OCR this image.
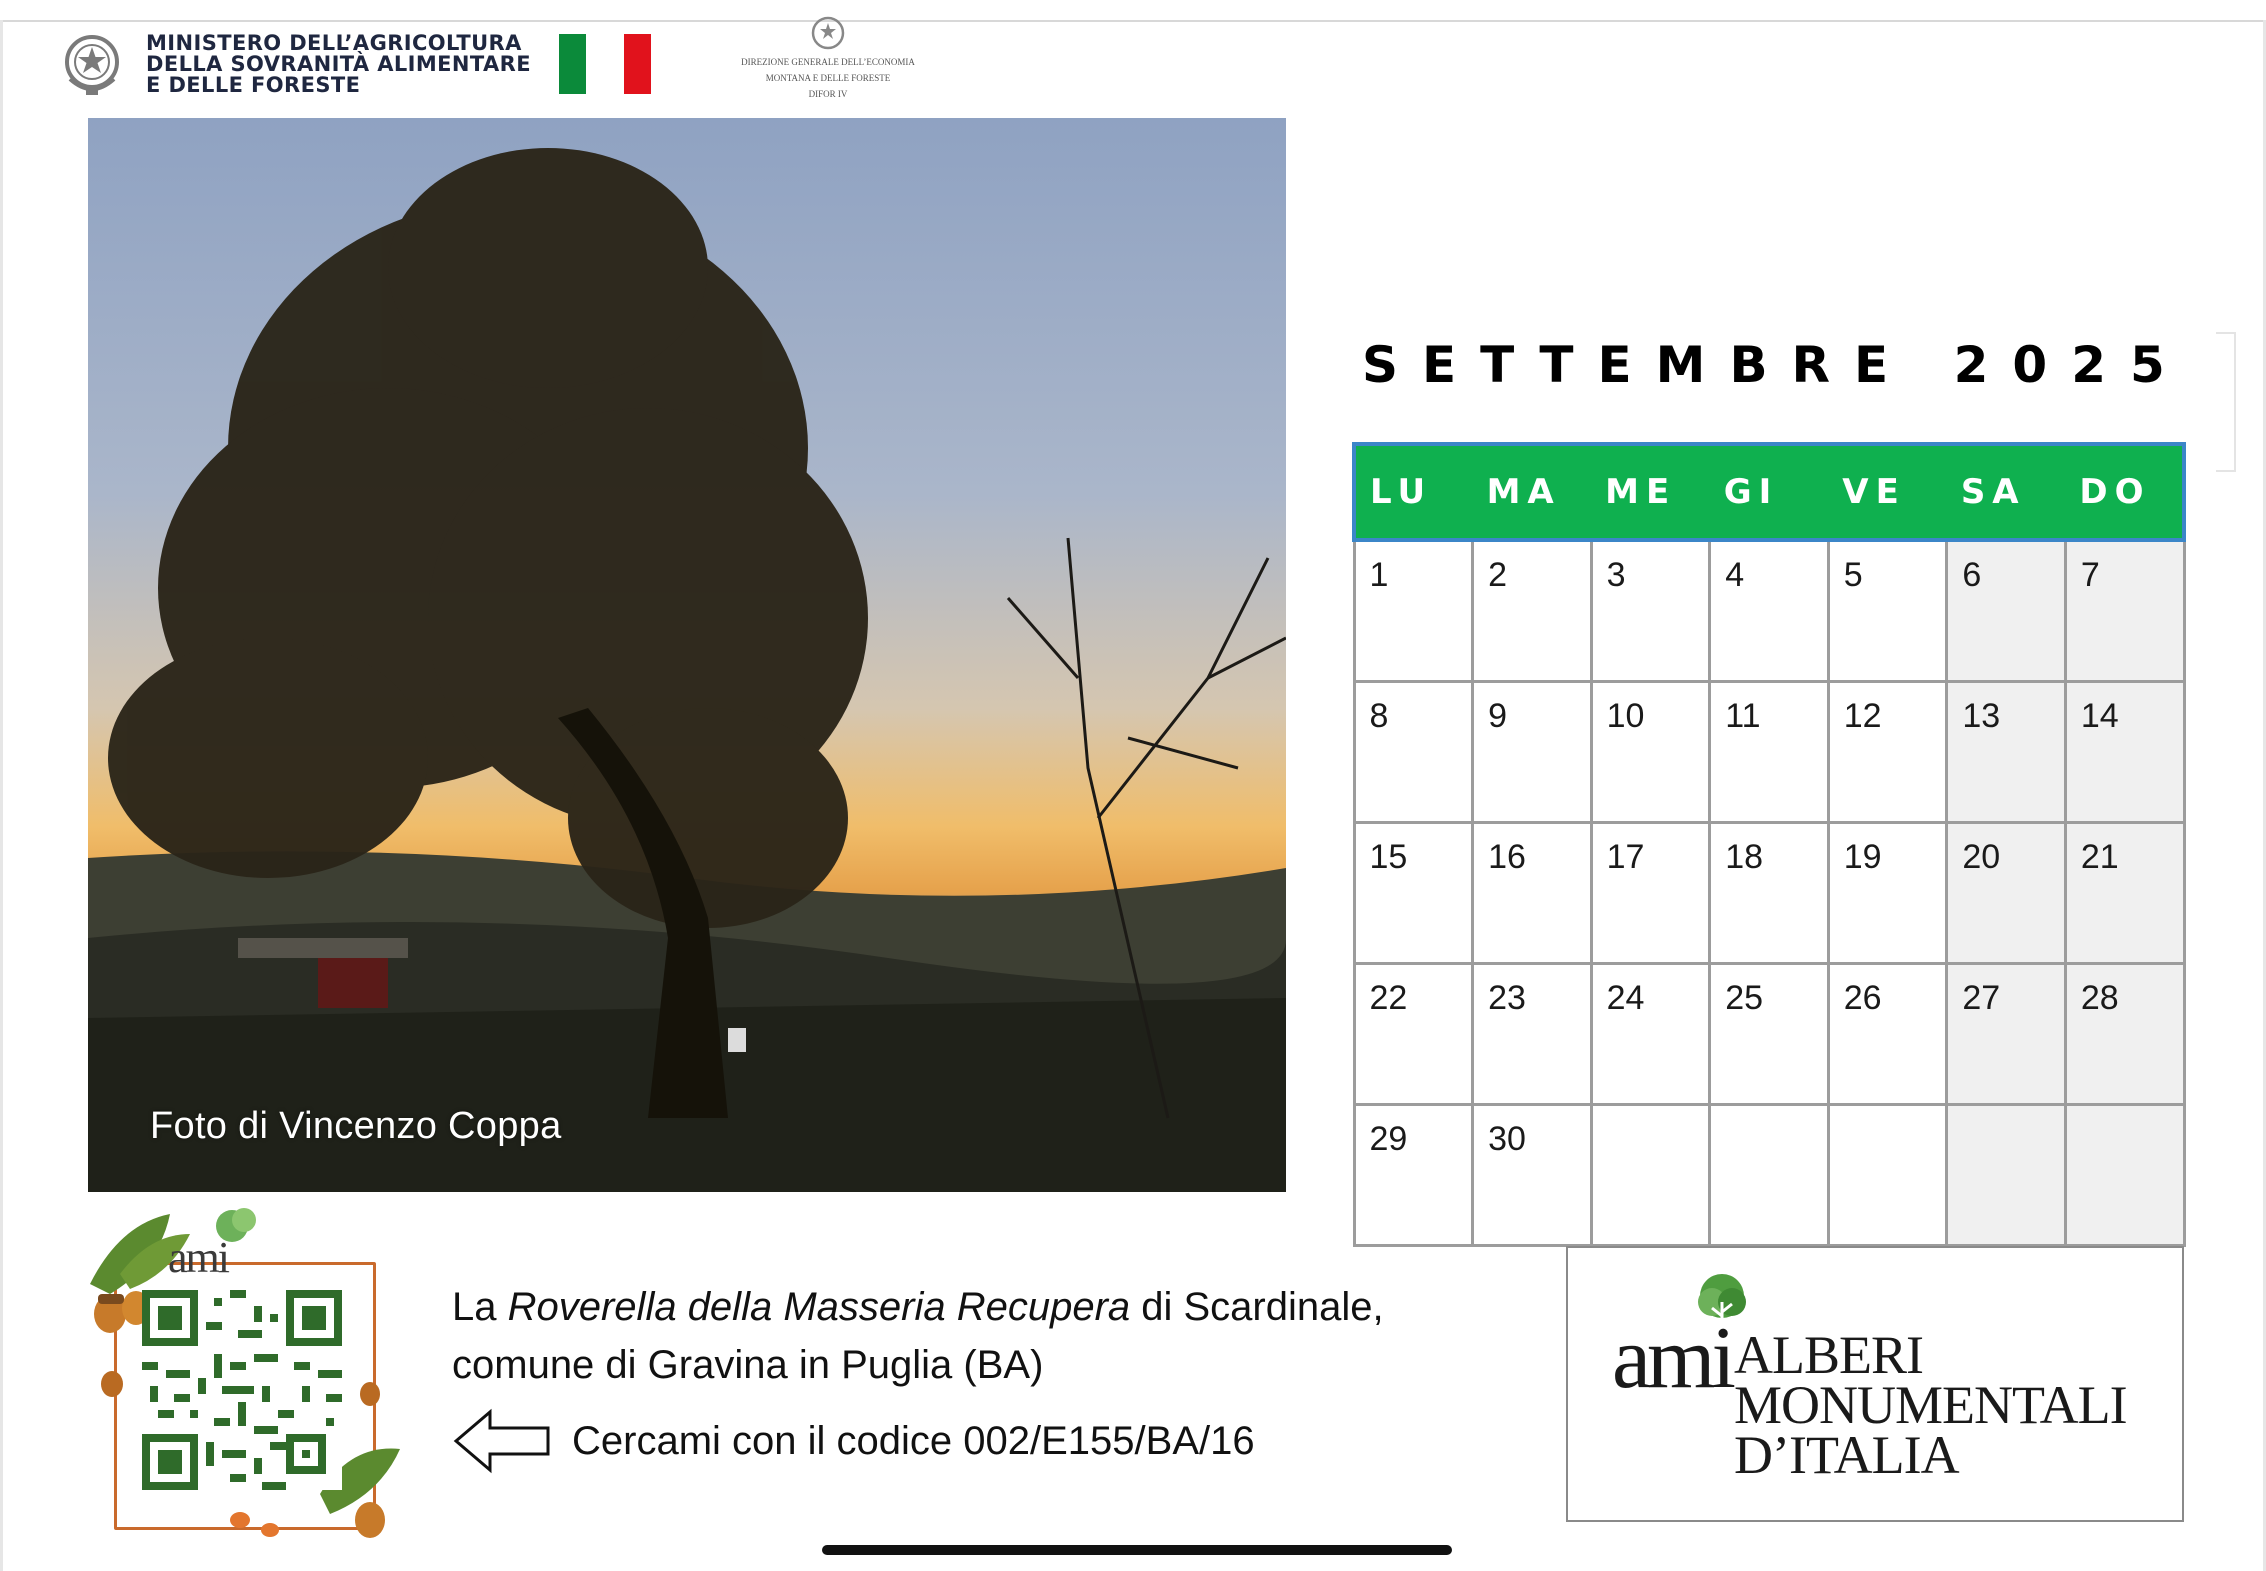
MINISTERO DELL’AGRICOLTURA
DELLA SOVRANITÀ ALIMENTARE
E DELLE FORESTE
DIREZIONE GENERALE DELL’ECONOMIA
MONTANA E DELLE FORESTE
DIFOR IV
Foto di Vincenzo Coppa
SETTEMBRE 2025
LU	MA	ME	GI	VE	SA	DO
1	2	3	4	5	6	7
8	9	10	11	12	13	14
15	16	17	18	19	20	21
22	23	24	25	26	27	28
29	30					
ami
La Roverella della Masseria Recupera di Scardinale,
comune di Gravina in Puglia (BA)
Cercami con il codice 002/E155/BA/16
ami ALBERI
MONUMENTALI
D’ITALIA
